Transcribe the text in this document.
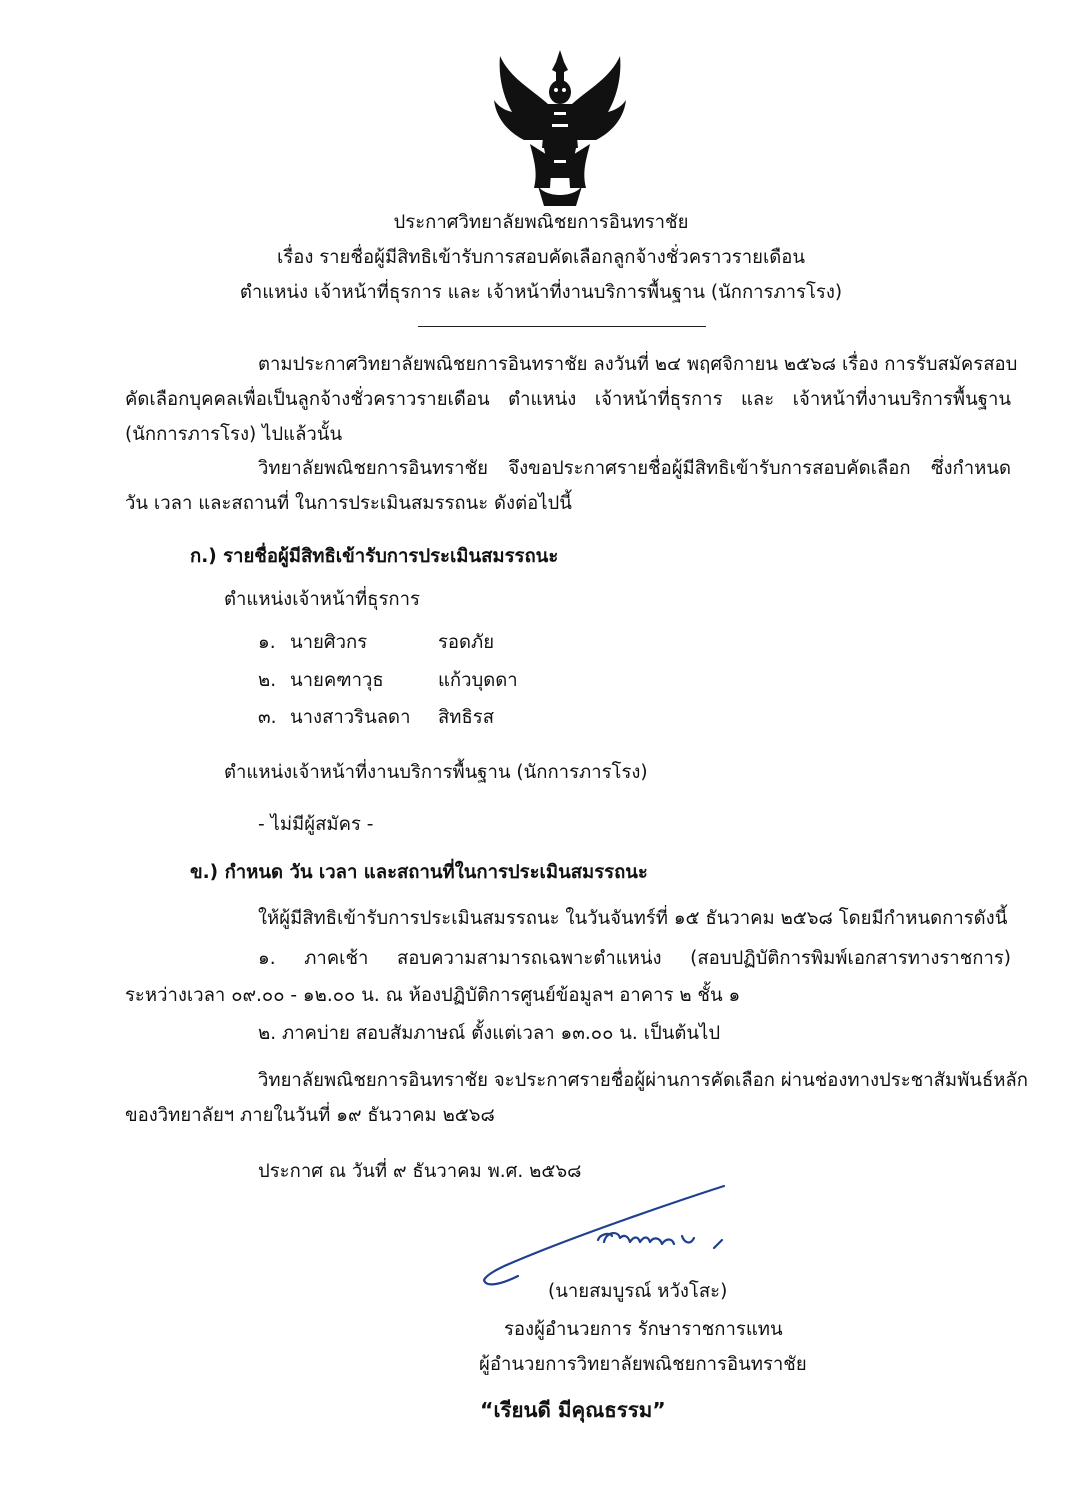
ประกาศวิทยาลัยพณิชยการอินทราชัย
เรื่อง รายชื่อผู้มีสิทธิเข้ารับการสอบคัดเลือกลูกจ้างชั่วคราวรายเดือน
ตำแหน่ง เจ้าหน้าที่ธุรการ และ เจ้าหน้าที่งานบริการพื้นฐาน (นักการภารโรง)
ตามประกาศวิทยาลัยพณิชยการอินทราชัย ลงวันที่ ๒๔ พฤศจิกายน ๒๕๖๘ เรื่อง การรับสมัครสอบ
คัดเลือกบุคคลเพื่อเป็นลูกจ้างชั่วคราวรายเดือน ตำแหน่ง เจ้าหน้าที่ธุรการ และ เจ้าหน้าที่งานบริการพื้นฐาน
(นักการภารโรง) ไปแล้วนั้น
วิทยาลัยพณิชยการอินทราชัย จึงขอประกาศรายชื่อผู้มีสิทธิเข้ารับการสอบคัดเลือก ซึ่งกำหนด
วัน เวลา และสถานที่ ในการประเมินสมรรถนะ ดังต่อไปนี้
ก.) รายชื่อผู้มีสิทธิเข้ารับการประเมินสมรรถนะ
ตำแหน่งเจ้าหน้าที่ธุรการ
๑. นายศิวกร	รอดภัย
๒. นายคฑาวุธ	แก้วบุดดา
๓. นางสาวรินลดา สิทธิรส
ตำแหน่งเจ้าหน้าที่งานบริการพื้นฐาน (นักการภารโรง)
- ไม่มีผู้สมัคร -
ข.) กำหนด วัน เวลา และสถานที่ในการประเมินสมรรถนะ
ให้ผู้มีสิทธิเข้ารับการประเมินสมรรถนะ ในวันจันทร์ที่ ๑๕ ธันวาคม ๒๕๖๘ โดยมีกำหนดการดังนี้
๑. ภาคเช้า สอบความสามารถเฉพาะตำแหน่ง (สอบปฏิบัติการพิมพ์เอกสารทางราชการ)
ระหว่างเวลา ๐๙.๐๐ - ๑๒.๐๐ น. ณ ห้องปฏิบัติการศูนย์ข้อมูลฯ อาคาร ๒ ชั้น ๑
๒. ภาคบ่าย สอบสัมภาษณ์ ตั้งแต่เวลา ๑๓.๐๐ น. เป็นต้นไป
วิทยาลัยพณิชยการอินทราชัย จะประกาศรายชื่อผู้ผ่านการคัดเลือก ผ่านช่องทางประชาสัมพันธ์หลัก
ของวิทยาลัยฯ ภายในวันที่ ๑๙ ธันวาคม ๒๕๖๘
ประกาศ ณ วันที่ ๙ ธันวาคม พ.ศ. ๒๕๖๘
(นายสมบูรณ์ หวังโสะ)
รองผู้อำนวยการ รักษาราชการแทน
ผู้อำนวยการวิทยาลัยพณิชยการอินทราชัย
“เรียนดี มีคุณธรรม”
